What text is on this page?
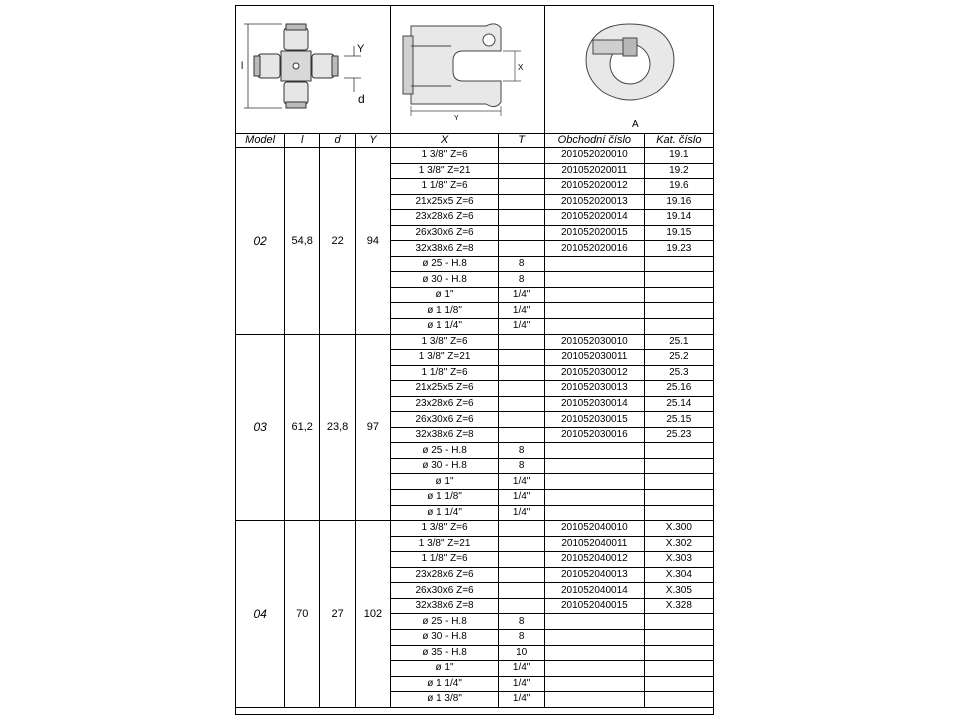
l
Y
d
X
Y
A
Model	l	d	Y	X	T	Obchodní číslo	Kat. číslo
02	54,8	22	94	1 3/8" Z=6		201052020010	19.1
				1 3/8" Z=21		201052020011	19.2
				1 1/8" Z=6		201052020012	19.6
				21x25x5 Z=6		201052020013	19.16
				23x28x6 Z=6		201052020014	19.14
				26x30x6 Z=6		201052020015	19.15
				32x38x6 Z=8		201052020016	19.23
				ø 25 - H.8	8		
				ø 30 - H.8	8		
				ø 1"	1/4"		
				ø 1 1/8"	1/4"		
				ø 1 1/4"	1/4"		
03	61,2	23,8	97	1 3/8" Z=6		201052030010	25.1
				1 3/8" Z=21		201052030011	25.2
				1 1/8" Z=6		201052030012	25.3
				21x25x5 Z=6		201052030013	25.16
				23x28x6 Z=6		201052030014	25.14
				26x30x6 Z=6		201052030015	25.15
				32x38x6 Z=8		201052030016	25.23
				ø 25 - H.8	8		
				ø 30 - H.8	8		
				ø 1"	1/4"		
				ø 1 1/8"	1/4"		
				ø 1 1/4"	1/4"		
04	70	27	102	1 3/8" Z=6		201052040010	X.300
				1 3/8" Z=21		201052040011	X.302
				1 1/8" Z=6		201052040012	X.303
				23x28x6 Z=6		201052040013	X.304
				26x30x6 Z=6		201052040014	X.305
				32x38x6 Z=8		201052040015	X.328
				ø 25 - H.8	8		
				ø 30 - H.8	8		
				ø 35 - H.8	10		
				ø 1"	1/4"		
				ø 1 1/4"	1/4"		
				ø 1 3/8"	1/4"		
